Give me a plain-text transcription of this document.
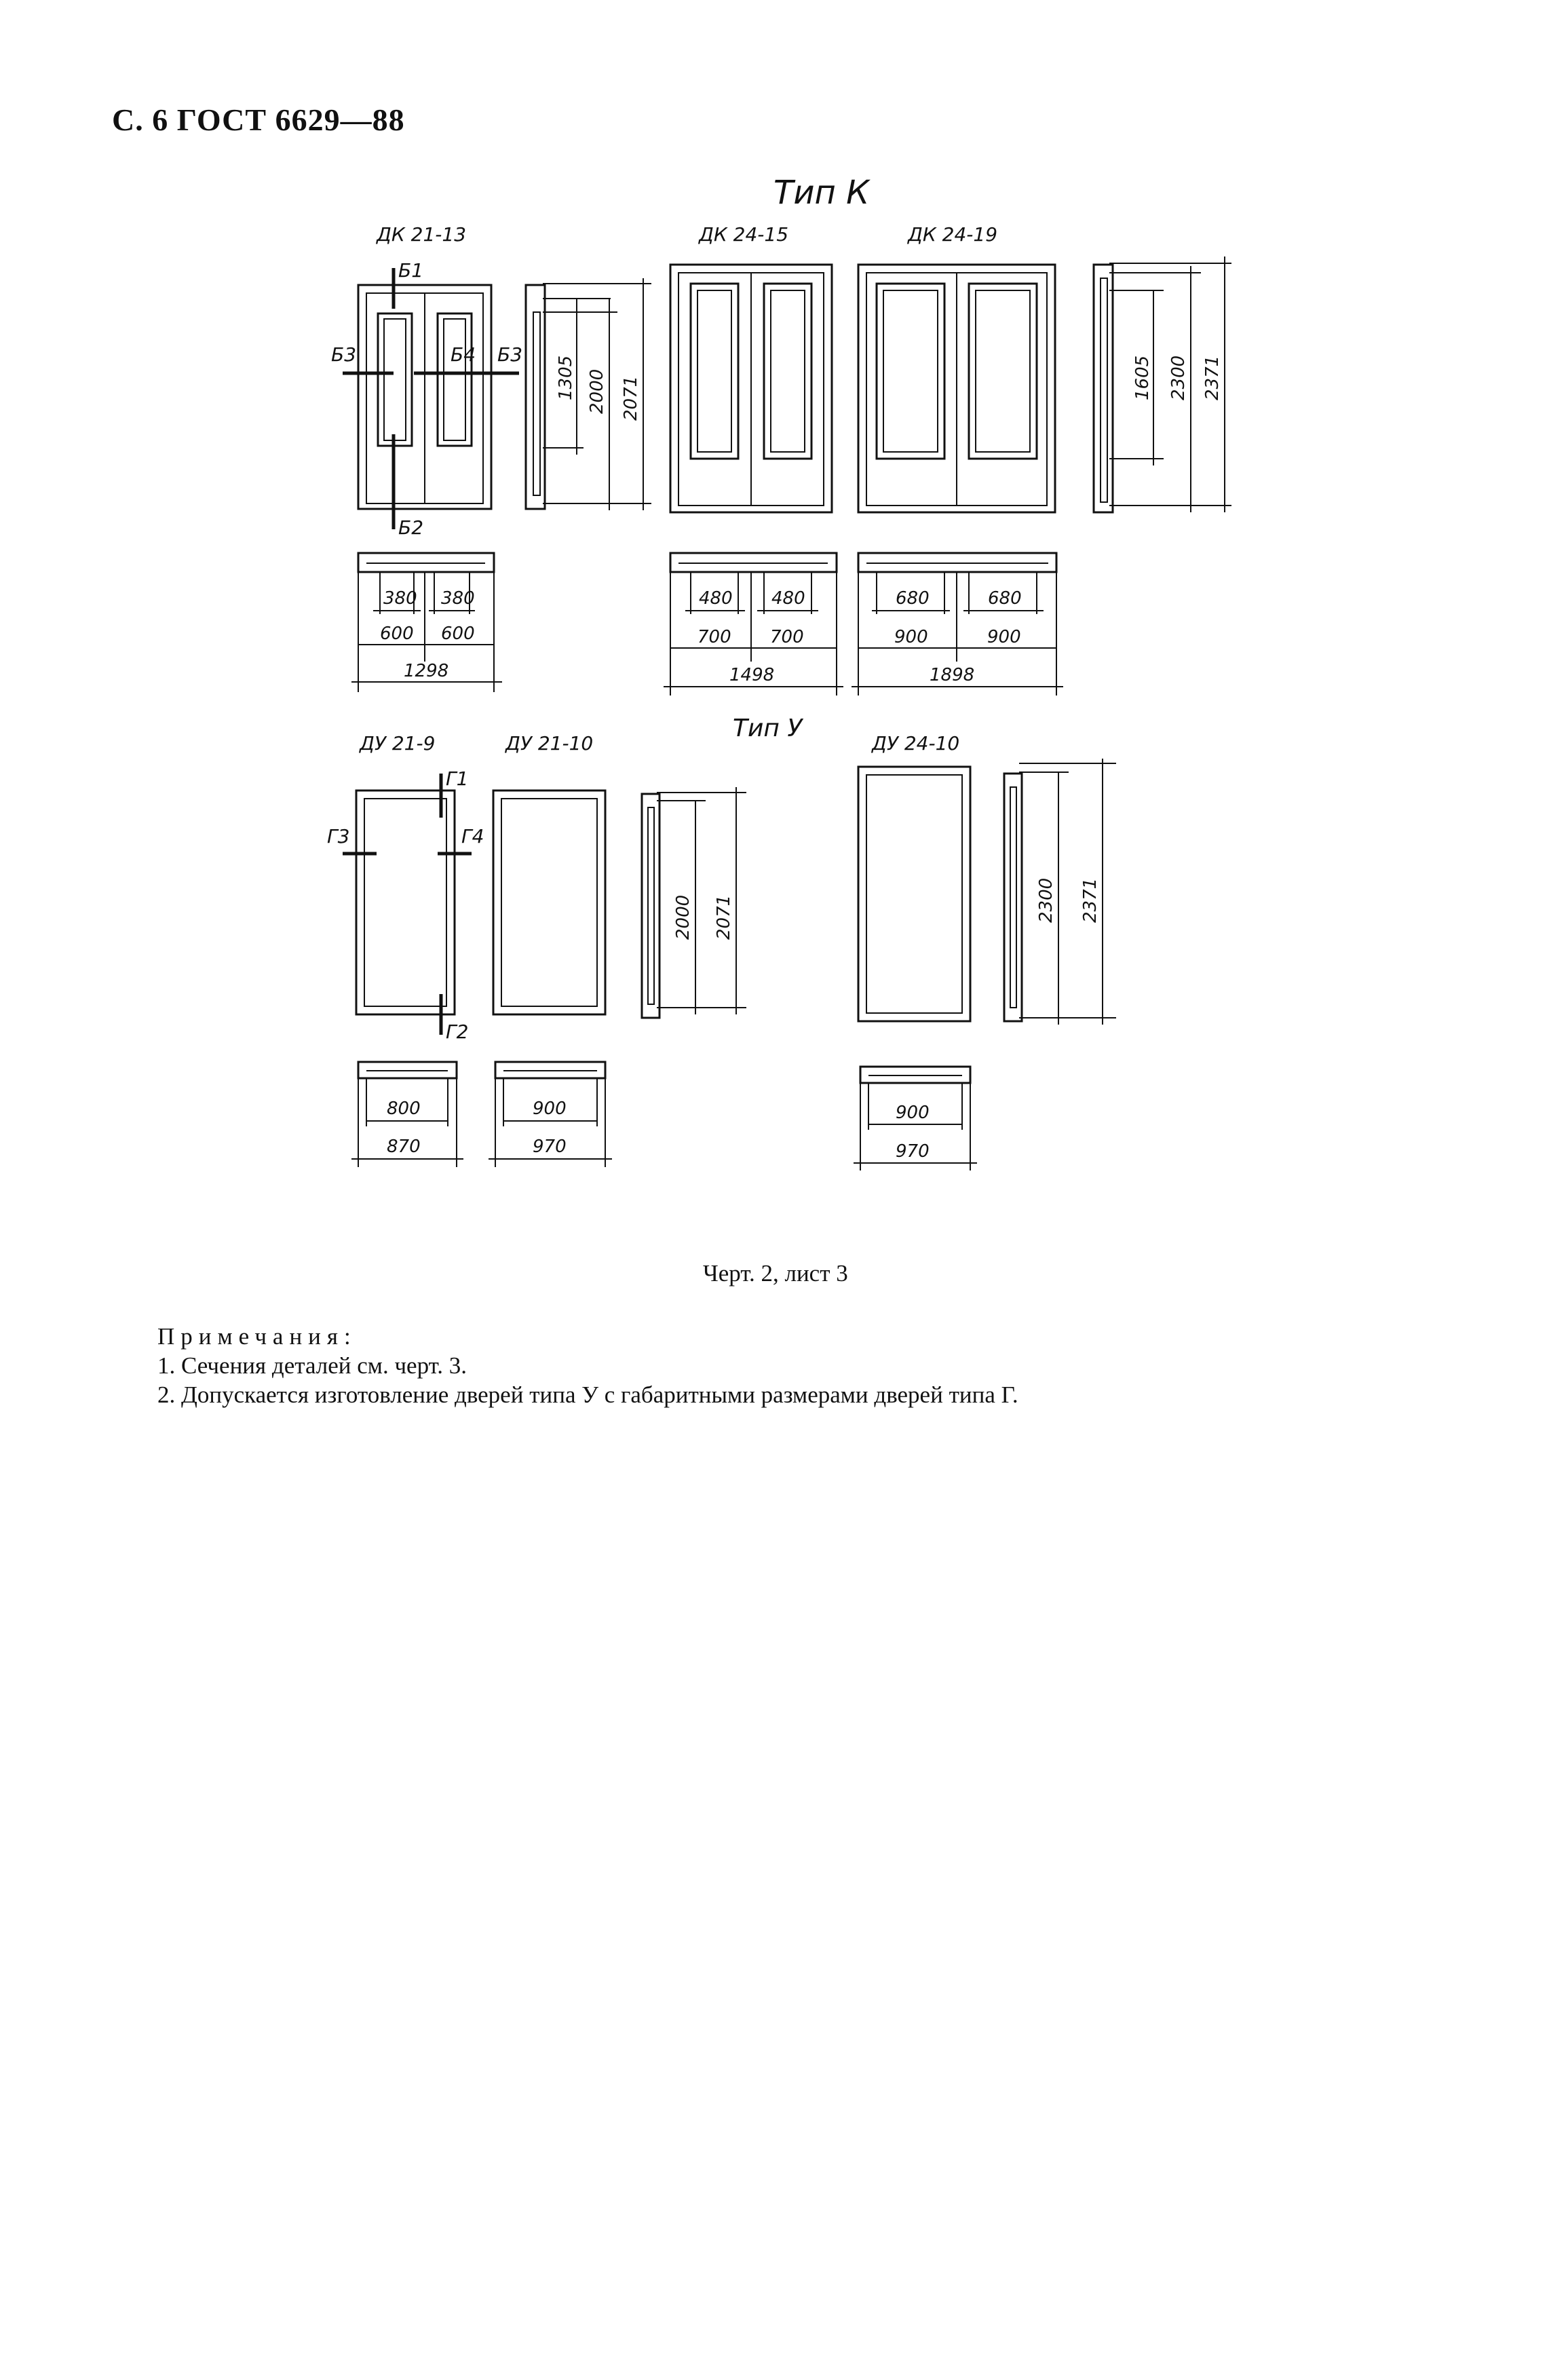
С. 6 ГОСТ 6629—88
Тип К
ДК 21-13
Б1
Б2
Б3	Б4 Б3
1305 2000 2071
380 380
600 600
1298
ДК 24-15
480 480
700 700
1498
ДК 24-19
680	680
900	900
1898
1605 2300 2371
Тип У
ДУ 21-9
Г1
Г2
Г3	Г4
800
870
ДУ 21-10
900
970
2000 2071
ДУ 24-10
900
970
2300 2371
Черт. 2, лист 3
Примечания:
1. Сечения деталей см. черт. 3.
2. Допускается изготовление дверей типа У с габаритными размерами дверей типа Г.
